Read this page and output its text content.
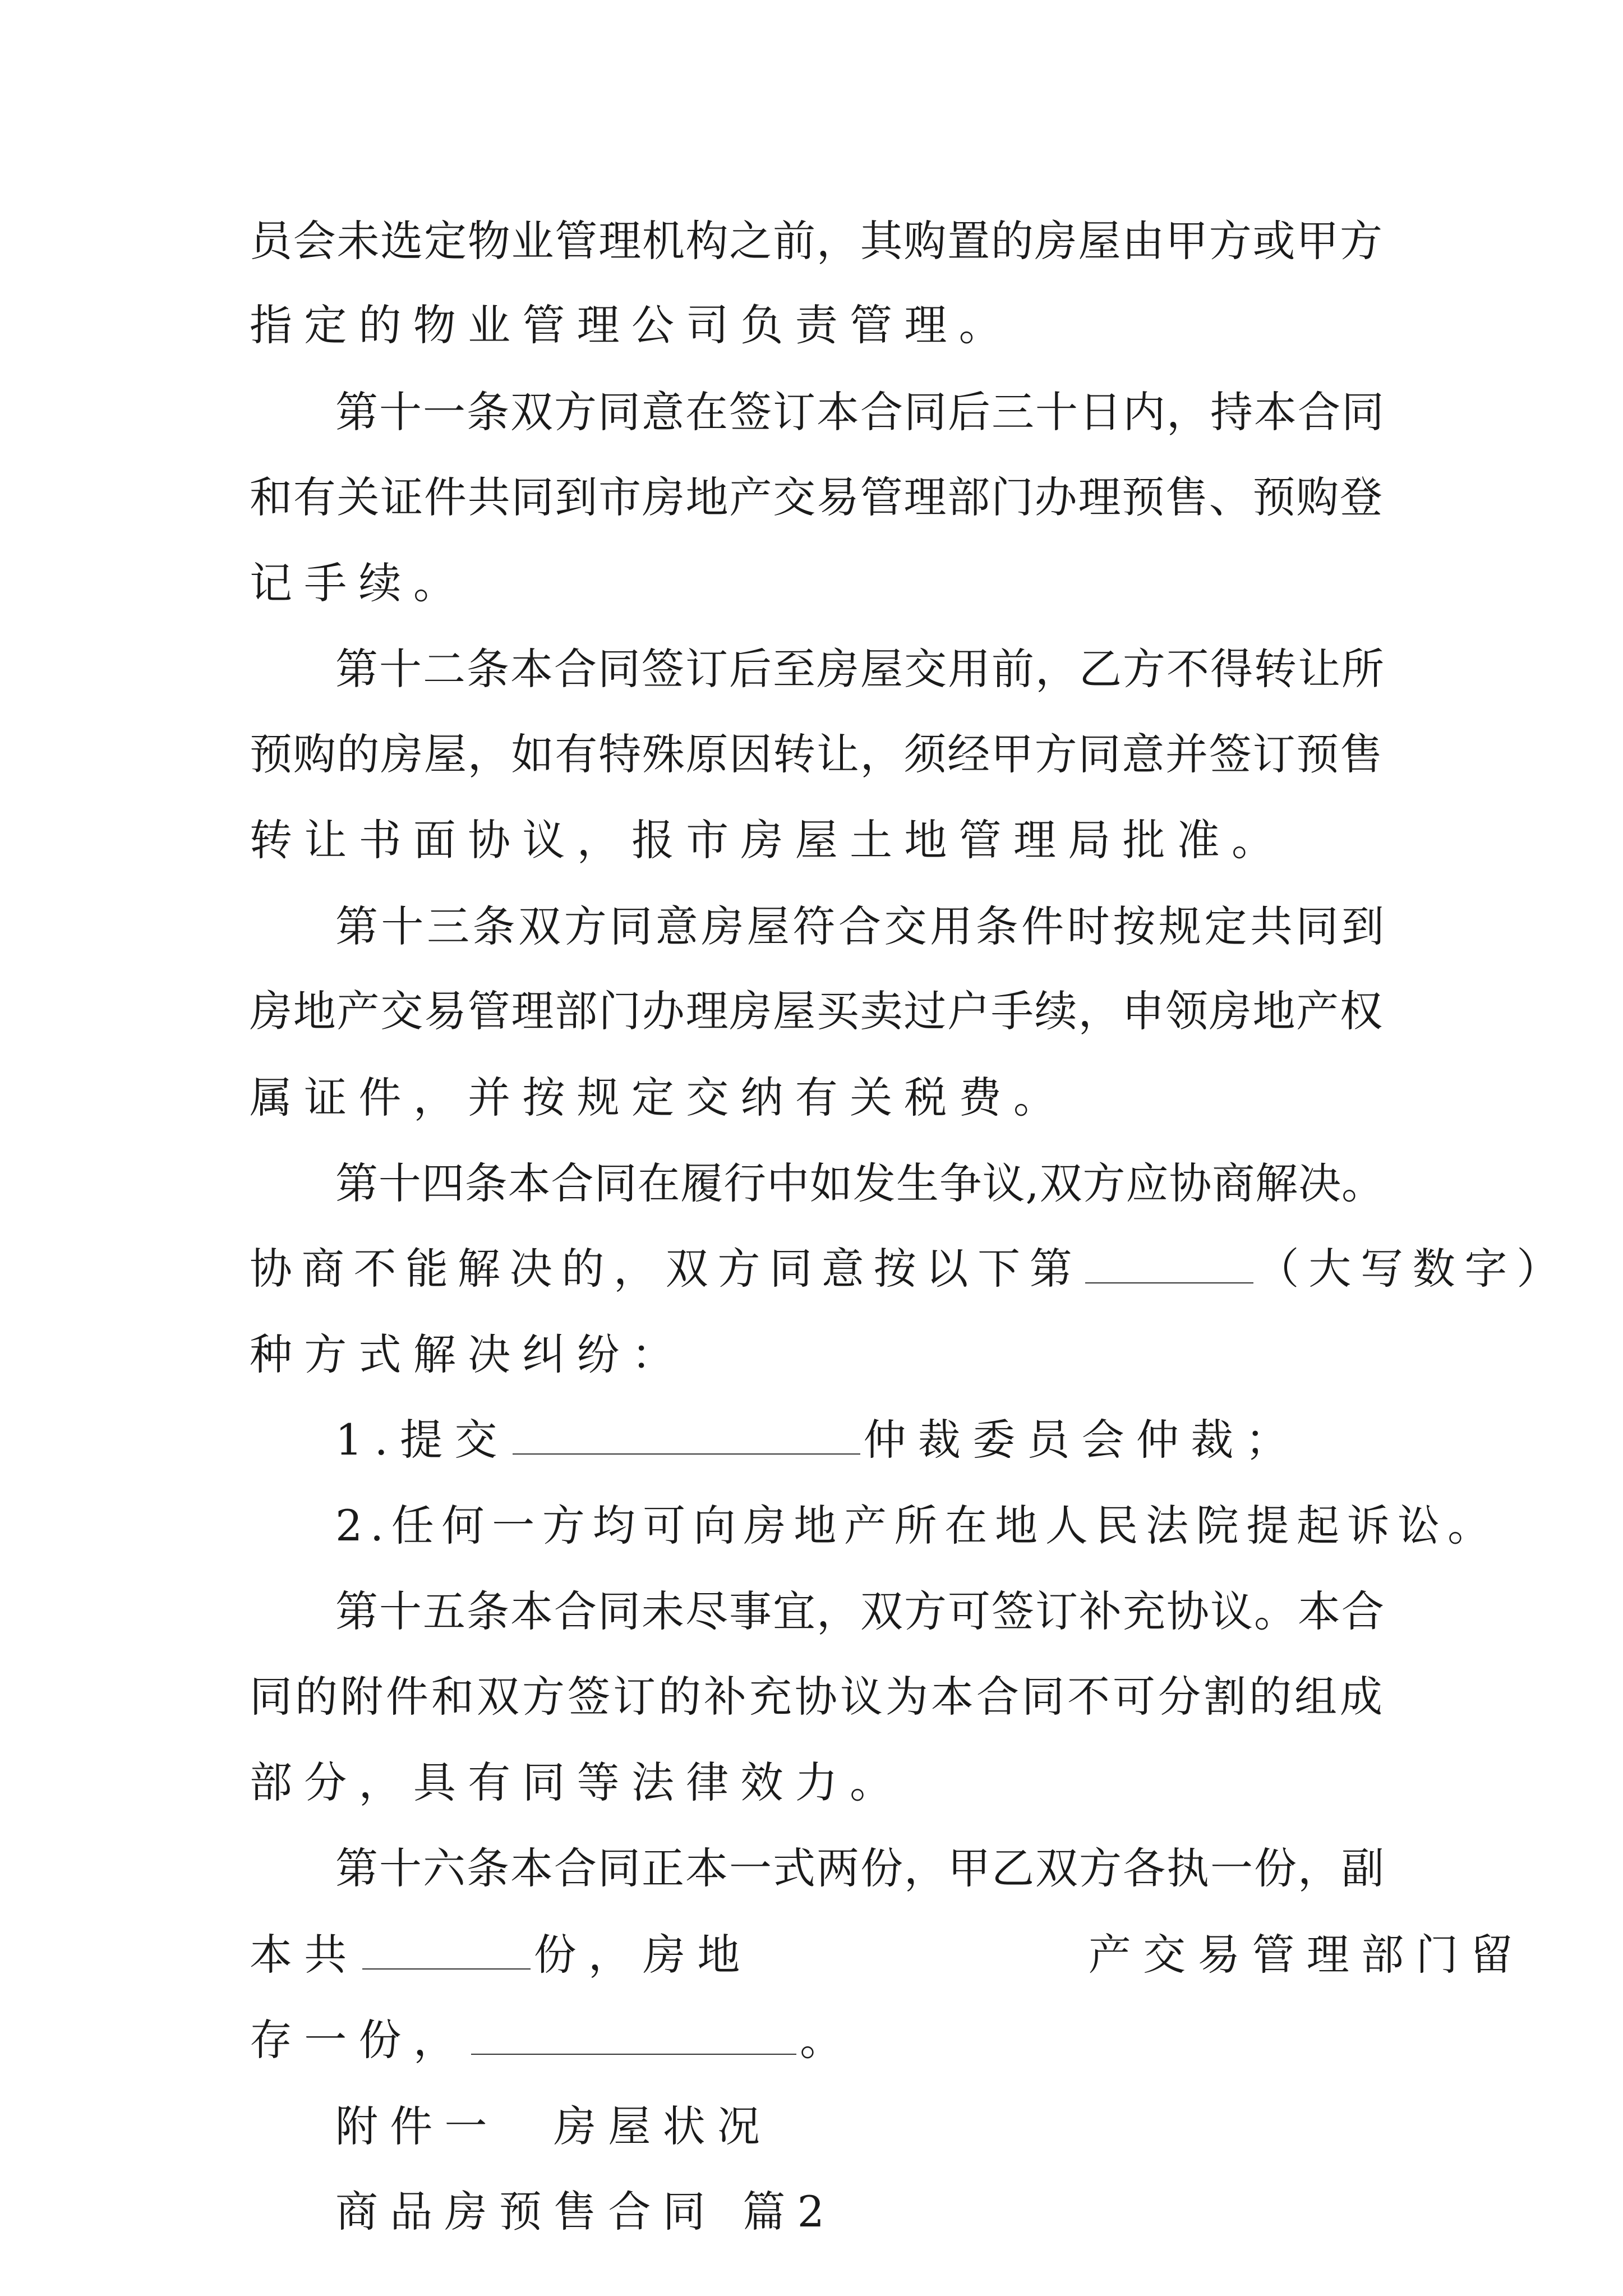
员会未选定物业管理机构之前，其购置的房屋由甲方或甲方
指定的物业管理公司负责管理。
第十一条双方同意在签订本合同后三十日内，持本合同
和有关证件共同到市房地产交易管理部门办理预售、预购登
记手续。
第十二条本合同签订后至房屋交用前，乙方不得转让所
预购的房屋，如有特殊原因转让，须经甲方同意并签订预售
转让书面协议，报市房屋土地管理局批准。
第十三条双方同意房屋符合交用条件时按规定共同到
房地产交易管理部门办理房屋买卖过户手续，申领房地产权
属证件，并按规定交纳有关税费。
第十四条本合同在履行中如发生争议,双方应协商解决。
协商不能解决的，双方同意按以下第	（大写数字）
种方式解决纠纷：
1.提交	仲裁委员会仲裁；
2.任何一方均可向房地产所在地人民法院提起诉讼。
第十五条本合同未尽事宜，双方可签订补充协议。本合
同的附件和双方签订的补充协议为本合同不可分割的组成
部分，具有同等法律效力。
第十六条本合同正本一式两份，甲乙双方各执一份，副
本共	份，房地	产交易管理部门留
存一份，	。
附件一　房屋状况
商品房预售合同 篇2
